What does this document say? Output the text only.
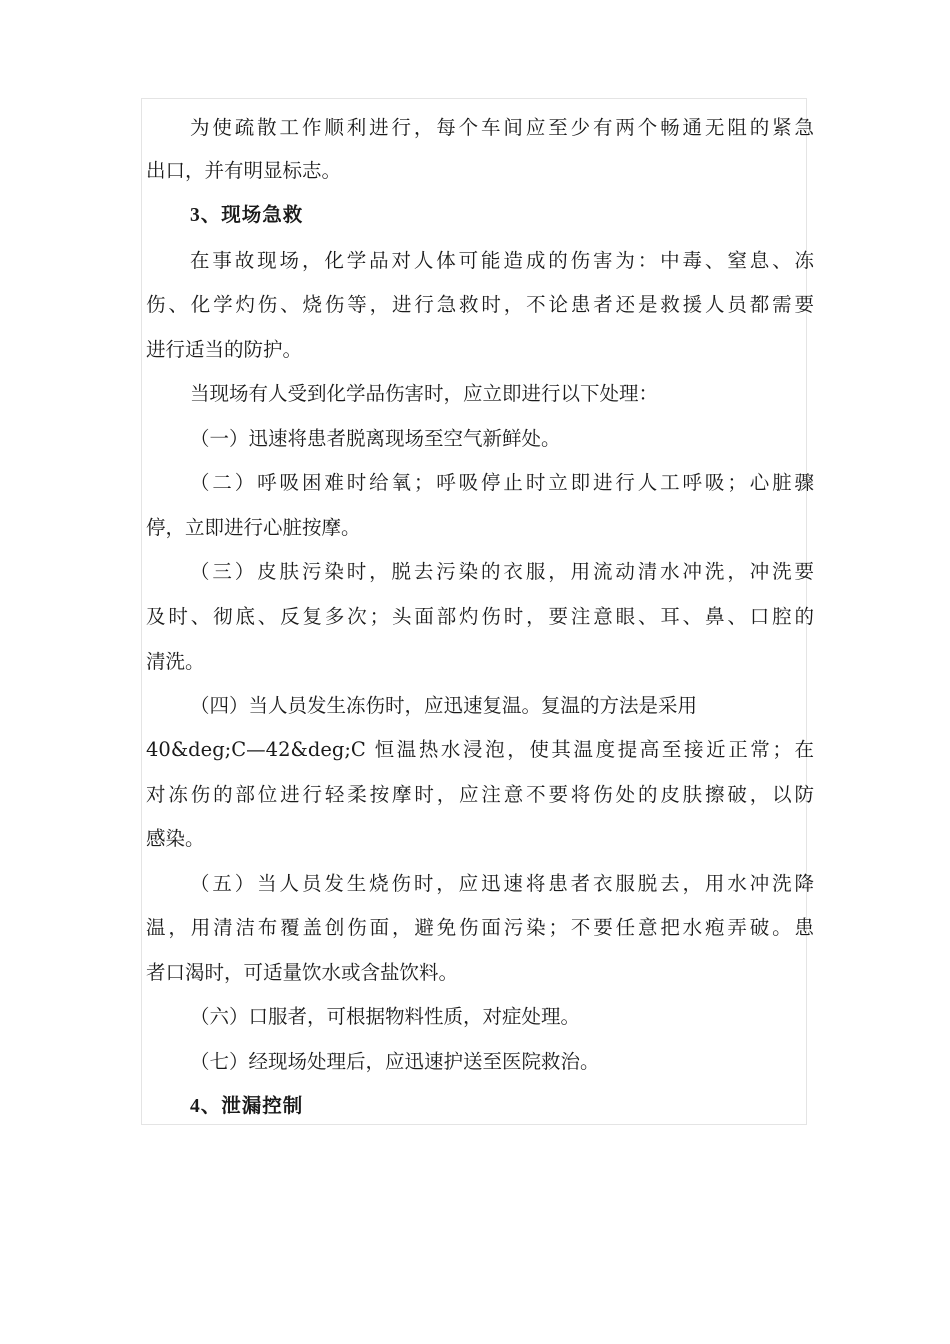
为使疏散工作顺利进行，每个车间应至少有两个畅通无阻的紧急
出口，并有明显标志。
3、现场急救
在事故现场，化学品对人体可能造成的伤害为：中毒、窒息、冻
伤、化学灼伤、烧伤等，进行急救时，不论患者还是救援人员都需要
进行适当的防护。
当现场有人受到化学品伤害时，应立即进行以下处理：
（一）迅速将患者脱离现场至空气新鲜处。
（二）呼吸困难时给氧；呼吸停止时立即进行人工呼吸；心脏骤
停，立即进行心脏按摩。
（三）皮肤污染时，脱去污染的衣服，用流动清水冲洗，冲洗要
及时、彻底、反复多次；头面部灼伤时，要注意眼、耳、鼻、口腔的
清洗。
（四）当人员发生冻伤时，应迅速复温。复温的方法是采用
40&deg;C—42&deg;C 恒温热水浸泡，使其温度提高至接近正常；在
对冻伤的部位进行轻柔按摩时，应注意不要将伤处的皮肤擦破，以防
感染。
（五）当人员发生烧伤时，应迅速将患者衣服脱去，用水冲洗降
温，用清洁布覆盖创伤面，避免伤面污染；不要任意把水疱弄破。患
者口渴时，可适量饮水或含盐饮料。
（六）口服者，可根据物料性质，对症处理。
（七）经现场处理后，应迅速护送至医院救治。
4、泄漏控制
